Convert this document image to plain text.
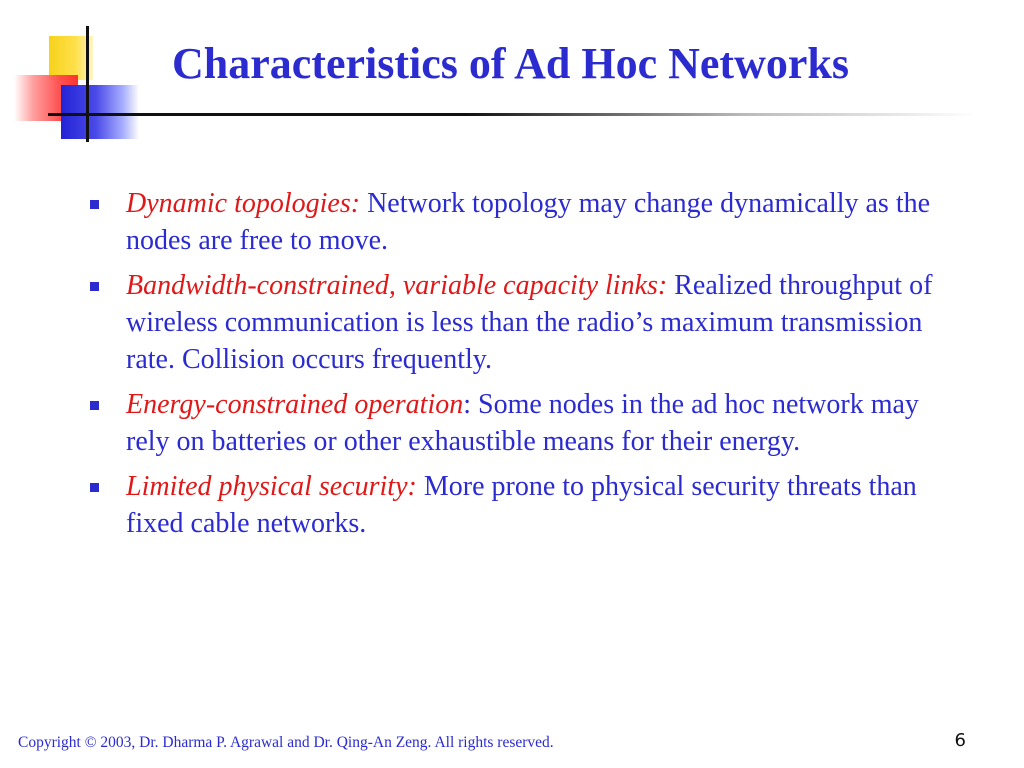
Characteristics of Ad Hoc Networks
Dynamic topologies: Network topology may change dynamically as the nodes are free to move.
Bandwidth-constrained, variable capacity links: Realized throughput of wireless communication is less than the radio’s maximum transmission rate. Collision occurs frequently.
Energy-constrained operation: Some nodes in the ad hoc network may rely on batteries or other exhaustible means for their energy.
Limited physical security: More prone to physical security threats than fixed cable networks.
Copyright © 2003, Dr. Dharma P. Agrawal and Dr. Qing-An Zeng. All rights reserved.	6
